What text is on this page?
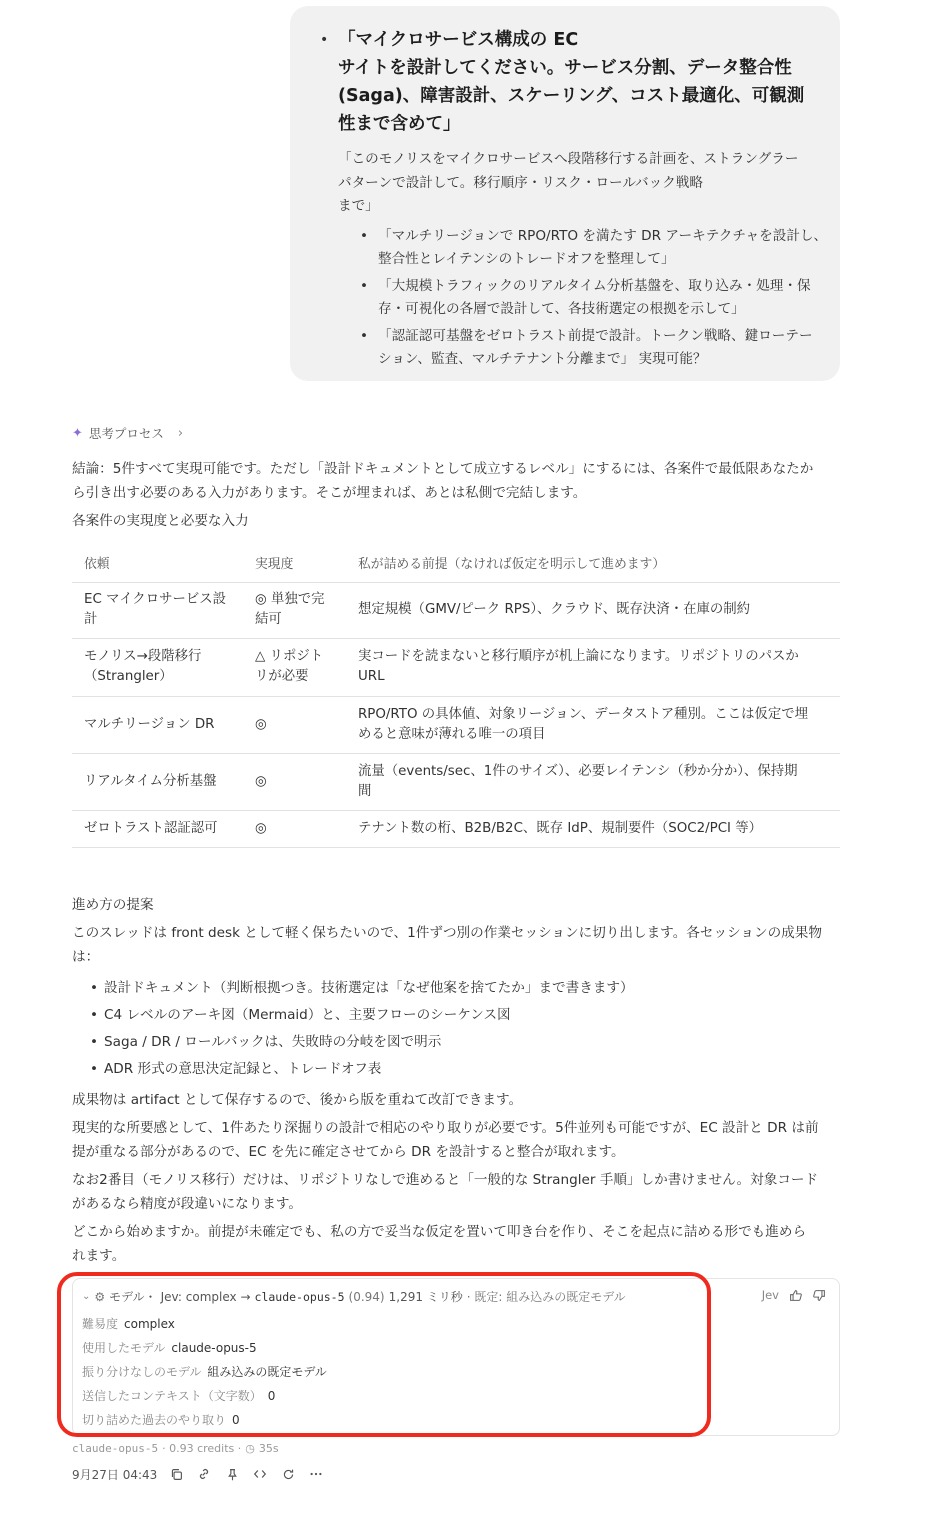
• 「マイクロサービス構成の EC
サイトを設計してください。サービス分割、データ整合性
(Saga)、障害設計、スケーリング、コスト最適化、可観測
性まで含めて」
「このモノリスをマイクロサービスへ段階移行する計画を、ストラングラー
パターンで設計して。移行順序・リスク・ロールバック戦略
まで」
• 「マルチリージョンで RPO/RTO を満たす DR アーキテクチャを設計し、
整合性とレイテンシのトレードオフを整理して」
• 「大規模トラフィックのリアルタイム分析基盤を、取り込み・処理・保
存・可視化の各層で設計して、各技術選定の根拠を示して」
• 「認証認可基盤をゼロトラスト前提で設計。トークン戦略、鍵ローテー
ション、監査、マルチテナント分離まで」 実現可能？
✦ 思考プロセス ›
結論：5件すべて実現可能です。ただし「設計ドキュメントとして成立するレベル」にするには、各案件で最低限あなたか
ら引き出す必要のある入力があります。そこが埋まれば、あとは私側で完結します。
各案件の実現度と必要な入力
依頼	実現度	私が詰める前提（なければ仮定を明示して進めます）

EC マイクロサービス設
計	◎ 単独で完
結可	想定規模（GMV/ピーク RPS）、クラウド、既存決済・在庫の制約

モノリス→段階移行
（Strangler）	△ リポジト
リが必要	実コードを読まないと移行順序が机上論になります。リポジトリのパスか
URL

マルチリージョン DR	◎	RPO/RTO の具体値、対象リージョン、データストア種別。ここは仮定で埋
めると意味が薄れる唯一の項目

リアルタイム分析基盤	◎	流量（events/sec、1件のサイズ）、必要レイテンシ（秒か分か）、保持期
間

ゼロトラスト認証認可	◎	テナント数の桁、B2B/B2C、既存 IdP、規制要件（SOC2/PCI 等）
進め方の提案
このスレッドは front desk として軽く保ちたいので、1件ずつ別の作業セッションに切り出します。各セッションの成果物
は：
• 設計ドキュメント（判断根拠つき。技術選定は「なぜ他案を捨てたか」まで書きます）
• C4 レベルのアーキ図（Mermaid）と、主要フローのシーケンス図
• Saga / DR / ロールバックは、失敗時の分岐を図で明示
• ADR 形式の意思決定記録と、トレードオフ表
成果物は artifact として保存するので、後から版を重ねて改訂できます。
現実的な所要感として、1件あたり深掘りの設計で相応のやり取りが必要です。5件並列も可能ですが、EC 設計と DR は前
提が重なる部分があるので、EC を先に確定させてから DR を設計すると整合が取れます。
なお2番目（モノリス移行）だけは、リポジトリなしで進めると「一般的な Strangler 手順」しか書けません。対象コード
があるなら精度が段違いになります。
どこから始めますか。前提が未確定でも、私の方で妥当な仮定を置いて叩き台を作り、そこを起点に詰める形でも進めら
れます。
⌄ ⚙ モデル・ Jev: complex → claude-opus-5 (0.94) 1,291 ミリ秒 · 既定: 組み込みの既定モデル	Jev
難易度 complex
使用したモデル claude-opus-5
振り分けなしのモデル 組み込みの既定モデル
送信したコンテキスト（文字数） 0
切り詰めた過去のやり取り 0
claude-opus-5 · 0.93 credits · ◷ 35s
9月27日 04:43
